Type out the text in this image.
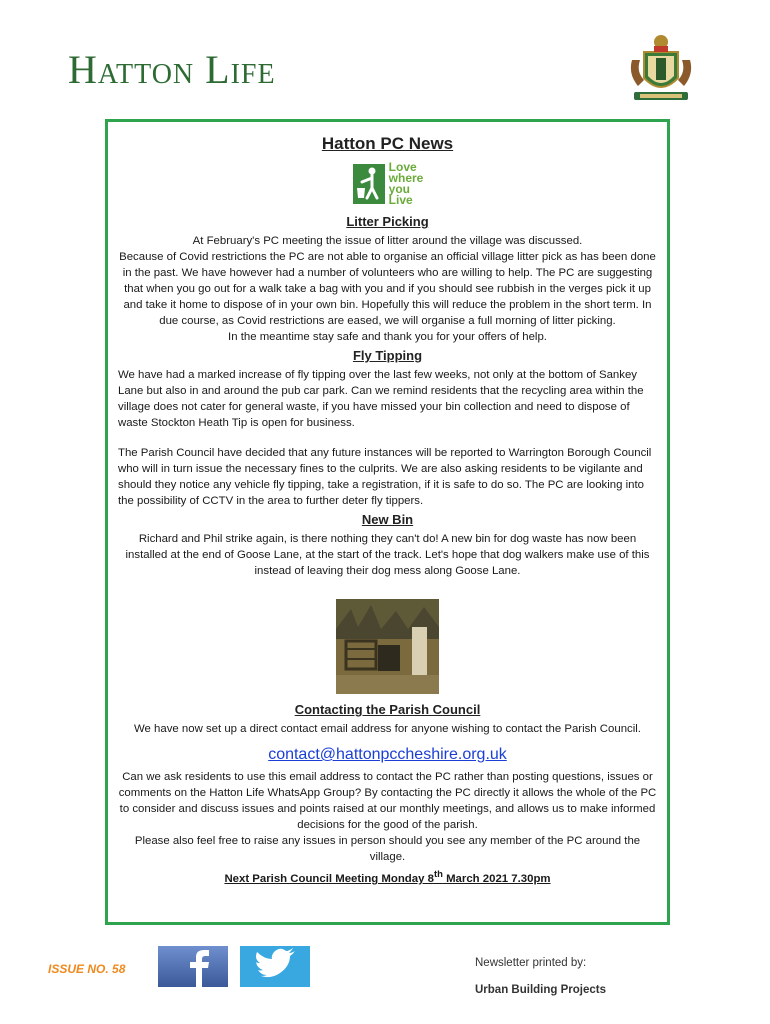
Hatton Life
Hatton PC News
Love
where
you
Live
Litter Picking

At February's PC meeting the issue of litter around the village was discussed.

Because of Covid restrictions the PC are not able to organise an official village litter pick as has been done in the past. We have however had a number of volunteers who are willing to help. The PC are suggesting that when you go out for a walk take a bag with you and if you should see rubbish in the verges pick it up and take it home to dispose of in your own bin. Hopefully this will reduce the problem in the short term. In due course, as Covid restrictions are eased, we will organise a full morning of litter picking.

In the meantime stay safe and thank you for your offers of help.

Fly Tipping

We have had a marked increase of fly tipping over the last few weeks, not only at the bottom of Sankey Lane but also in and around the pub car park. Can we remind residents that the recycling area within the village does not cater for general waste, if you have missed your bin collection and need to dispose of waste Stockton Heath Tip is open for business.

The Parish Council have decided that any future instances will be reported to Warrington Borough Council who will in turn issue the necessary fines to the culprits. We are also asking residents to be vigilante and should they notice any vehicle fly tipping, take a registration, if it is safe to do so. The PC are looking into the possibility of CCTV in the area to further deter fly tippers.

New Bin

Richard and Phil strike again, is there nothing they can't do! A new bin for dog waste has now been installed at the end of Goose Lane, at the start of the track. Let's hope that dog walkers make use of this instead of leaving their dog mess along Goose Lane.

Contacting the Parish Council

We have now set up a direct contact email address for anyone wishing to contact the Parish Council.

contact@hattonpccheshire.org.uk

Can we ask residents to use this email address to contact the PC rather than posting questions, issues or comments on the Hatton Life WhatsApp Group? By contacting the PC directly it allows the whole of the PC to consider and discuss issues and points raised at our monthly meetings, and allows us to make informed decisions for the good of the parish.

Please also feel free to raise any issues in person should you see any member of the PC around the village.

Next Parish Council Meeting Monday 8th March 2021 7.30pm
ISSUE NO. 58	Newsletter printed by:
Urban Building Projects
